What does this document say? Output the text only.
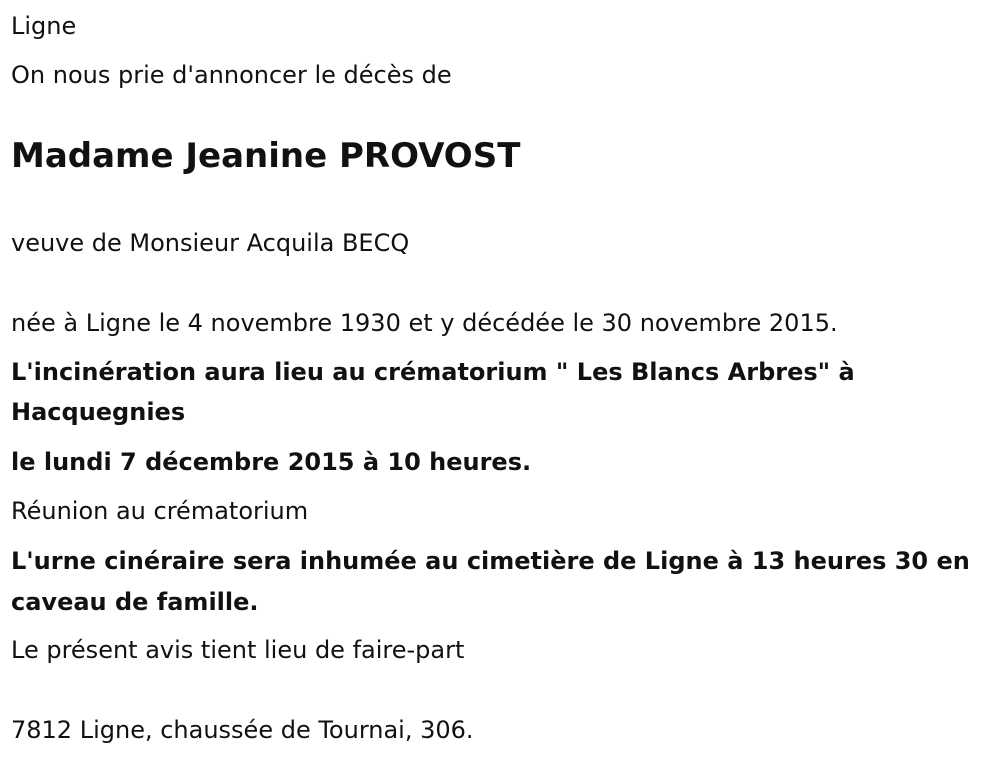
Ligne

On nous prie d'annoncer le décès de

Madame Jeanine PROVOST

veuve de Monsieur Acquila BECQ

née à Ligne le 4 novembre 1930 et y décédée le 30 novembre 2015.

L'incinération aura lieu au crématorium " Les Blancs Arbres" à

Hacquegnies

le lundi 7 décembre 2015 à 10 heures.

Réunion au crématorium

L'urne cinéraire sera inhumée au cimetière de Ligne à 13 heures 30 en

caveau de famille.

Le présent avis tient lieu de faire-part

7812 Ligne, chaussée de Tournai, 306.
